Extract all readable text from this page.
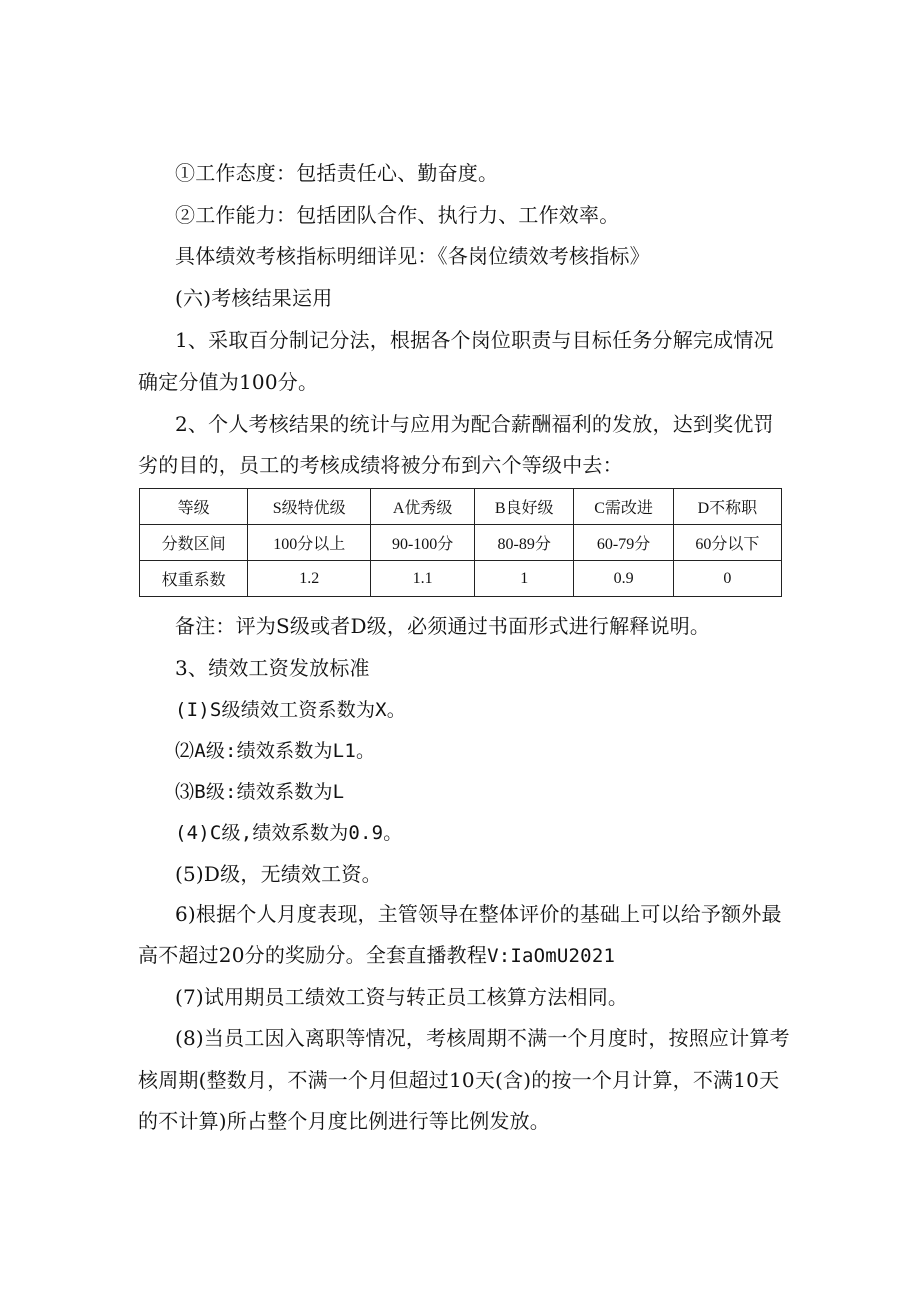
①工作态度：包括责任心、勤奋度。
②工作能力：包括团队合作、执行力、工作效率。
具体绩效考核指标明细详见：《各岗位绩效考核指标》
(六)考核结果运用
1、采取百分制记分法，根据各个岗位职责与目标任务分解完成情况
确定分值为100分。
2、个人考核结果的统计与应用为配合薪酬福利的发放，达到奖优罚
劣的目的，员工的考核成绩将被分布到六个等级中去：
等级	S级特优级	A优秀级	B良好级	C需改进	D不称职
分数区间	100分以上	90-100分	80-89分	60-79分	60分以下
权重系数	1.2	1.1	1	0.9	0
备注：评为S级或者D级，必须通过书面形式进行解释说明。
3、绩效工资发放标准
(I)S级绩效工资系数为X。
⑵A级:绩效系数为L1。
⑶B级:绩效系数为L
(4)C级,绩效系数为0.9。
(5)D级，无绩效工资。
6)根据个人月度表现，主管领导在整体评价的基础上可以给予额外最
高不超过20分的奖励分。全套直播教程V:IaOmU2021
(7)试用期员工绩效工资与转正员工核算方法相同。
(8)当员工因入离职等情况，考核周期不满一个月度时，按照应计算考
核周期(整数月，不满一个月但超过10天(含)的按一个月计算，不满10天
的不计算)所占整个月度比例进行等比例发放。
